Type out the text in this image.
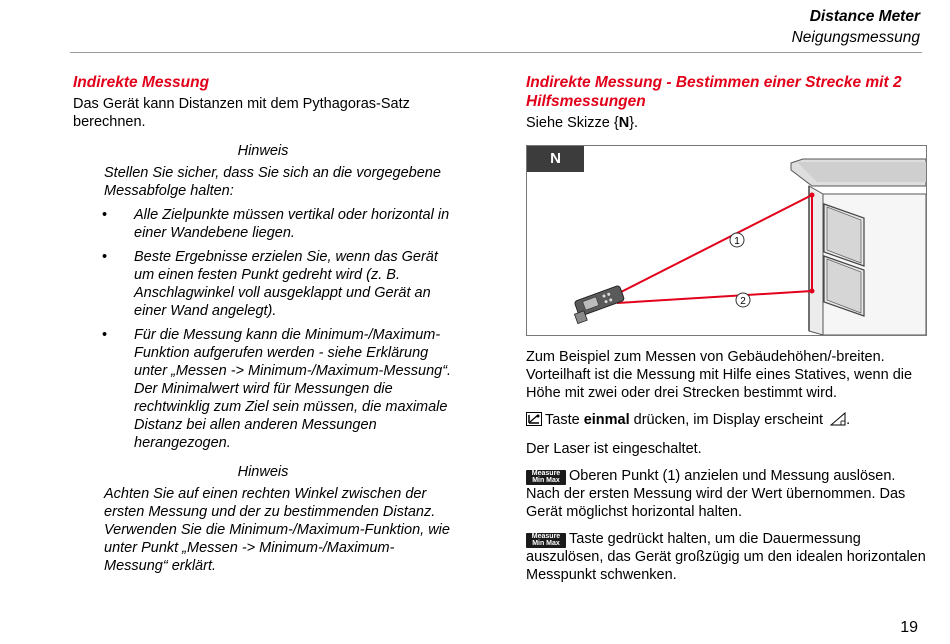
Distance Meter
Neigungsmessung
Indirekte Messung

Das Gerät kann Distanzen mit dem Pythagoras-Satz berechnen.

Hinweis

Stellen Sie sicher, dass Sie sich an die vorgegebene Messabfolge halten:

• Alle Zielpunkte müssen vertikal oder horizontal in einer Wandebene liegen.
• Beste Ergebnisse erzielen Sie, wenn das Gerät um einen festen Punkt gedreht wird (z. B. Anschlagwinkel voll ausgeklappt und Gerät an einer Wand angelegt).
• Für die Messung kann die Minimum-/Maximum-Funktion aufgerufen werden - siehe Erklärung unter „Messen -> Minimum-/Maximum-Messung“. Der Minimalwert wird für Messungen die rechtwinklig zum Ziel sein müssen, die maximale Distanz bei allen anderen Messungen herangezogen.

Hinweis

Achten Sie auf einen rechten Winkel zwischen der ersten Messung und der zu bestimmenden Distanz. Verwenden Sie die Minimum-/Maximum-Funktion, wie unter Punkt „Messen -> Minimum-/Maximum-Messung“ erklärt.

Indirekte Messung - Bestimmen einer Strecke mit 2 Hilfsmessungen

Siehe Skizze {N}.

1
2
N

Zum Beispiel zum Messen von Gebäudehöhen/-breiten. Vorteilhaft ist die Messung mit Hilfe eines Statives, wenn die Höhe mit zwei oder drei Strecken bestimmt wird.

Taste einmal drücken, im Display erscheint .

Der Laser ist eingeschaltet.

Measure
Min Max Oberen Punkt (1) anzielen und Messung auslösen. Nach der ersten Messung wird der Wert übernommen. Das Gerät möglichst horizontal halten.

Measure
Min Max Taste gedrückt halten, um die Dauermessung auszulösen, das Gerät großzügig um den idealen horizontalen Messpunkt schwenken.

19
